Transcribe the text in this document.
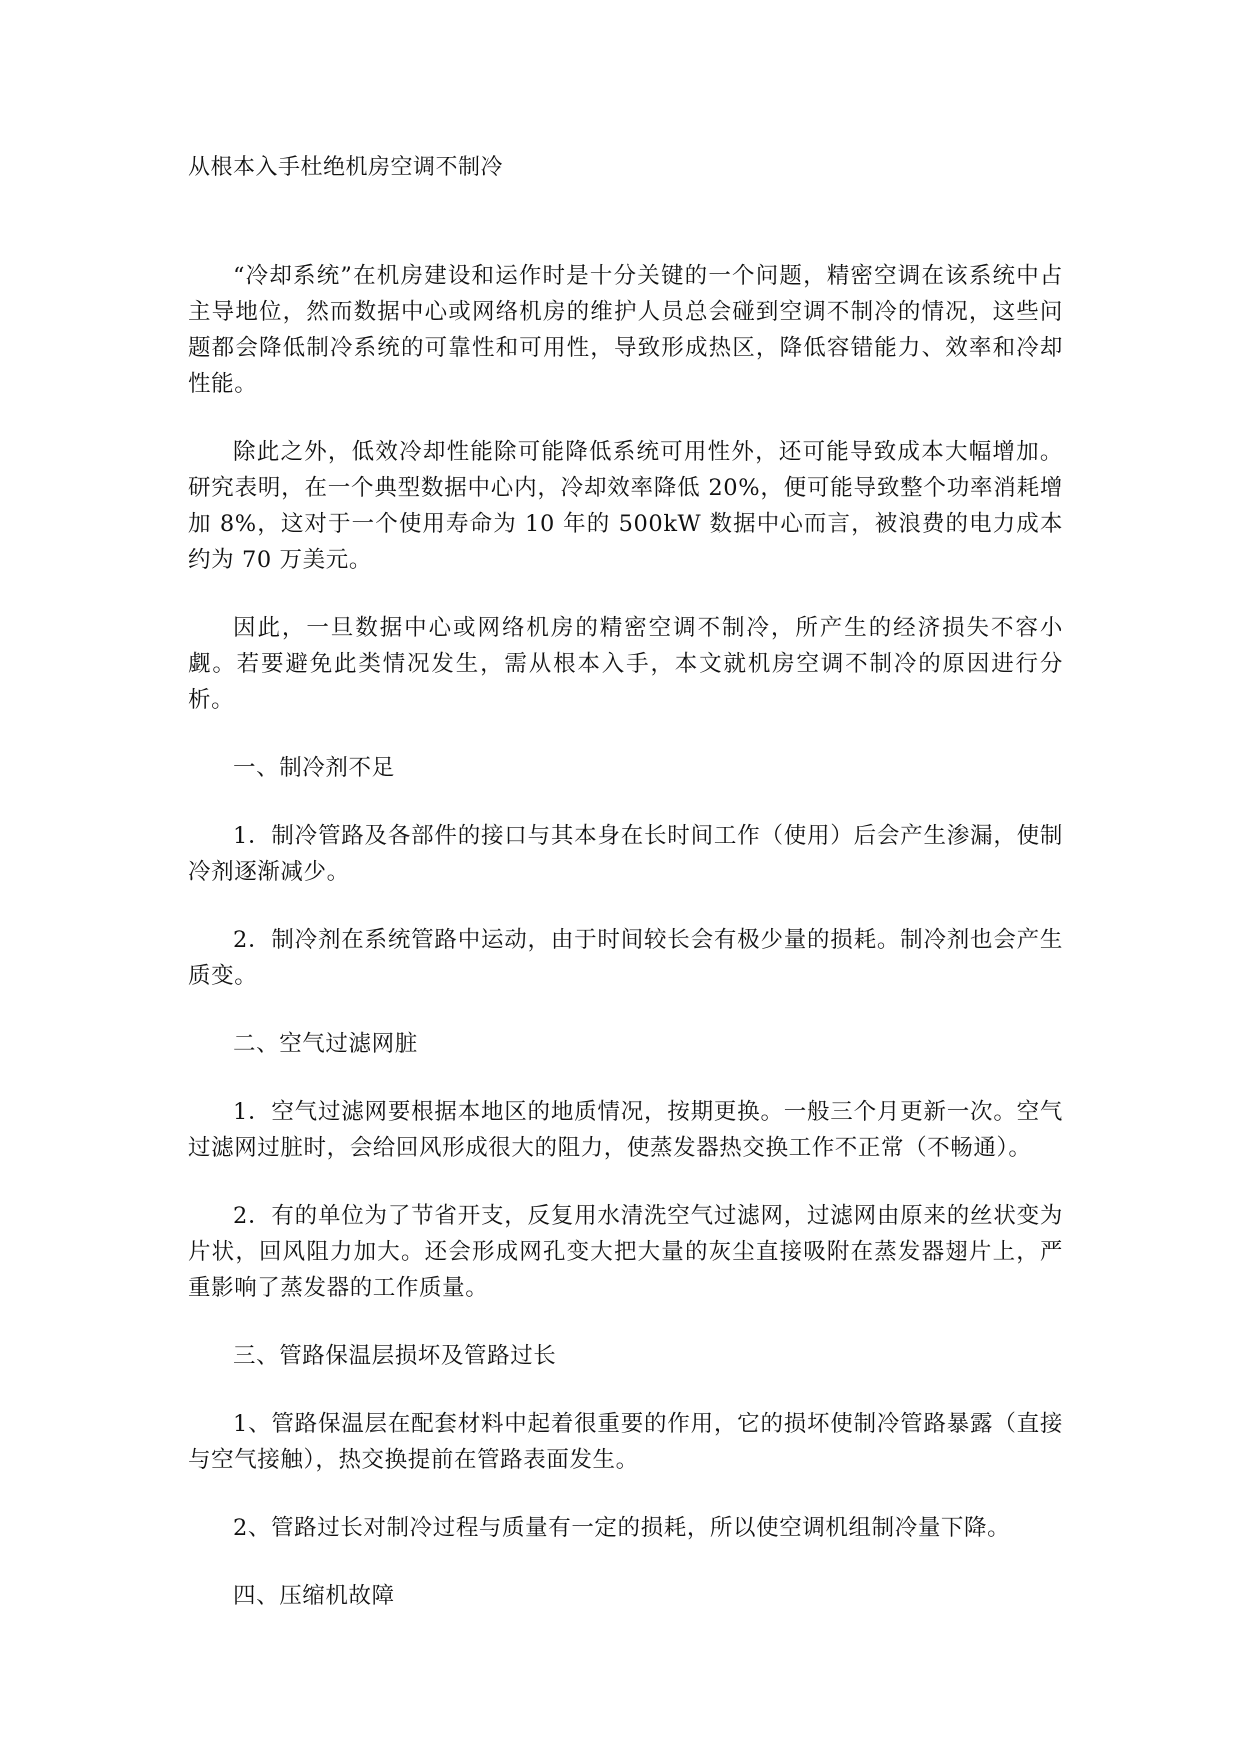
从根本入手杜绝机房空调不制冷

“冷却系统”在机房建设和运作时是十分关键的一个问题，精密空调在该系统中占主导地位，然而数据中心或网络机房的维护人员总会碰到空调不制冷的情况，这些问题都会降低制冷系统的可靠性和可用性，导致形成热区，降低容错能力、效率和冷却性能。

除此之外，低效冷却性能除可能降低系统可用性外，还可能导致成本大幅增加。研究表明，在一个典型数据中心内，冷却效率降低 20%，便可能导致整个功率消耗增加 8%，这对于一个使用寿命为 10 年的 500kW 数据中心而言，被浪费的电力成本约为 70 万美元。

因此，一旦数据中心或网络机房的精密空调不制冷，所产生的经济损失不容小觑。若要避免此类情况发生，需从根本入手，本文就机房空调不制冷的原因进行分析。

一、制冷剂不足

1．制冷管路及各部件的接口与其本身在长时间工作（使用）后会产生渗漏，使制冷剂逐渐减少。

2．制冷剂在系统管路中运动，由于时间较长会有极少量的损耗。制冷剂也会产生质变。

二、空气过滤网脏

1．空气过滤网要根据本地区的地质情况，按期更换。一般三个月更新一次。空气过滤网过脏时，会给回风形成很大的阻力，使蒸发器热交换工作不正常（不畅通）。

2．有的单位为了节省开支，反复用水清洗空气过滤网，过滤网由原来的丝状变为片状，回风阻力加大。还会形成网孔变大把大量的灰尘直接吸附在蒸发器翅片上，严重影响了蒸发器的工作质量。

三、管路保温层损坏及管路过长

1、管路保温层在配套材料中起着很重要的作用，它的损坏使制冷管路暴露（直接与空气接触），热交换提前在管路表面发生。

2、管路过长对制冷过程与质量有一定的损耗，所以使空调机组制冷量下降。

四、压缩机故障
